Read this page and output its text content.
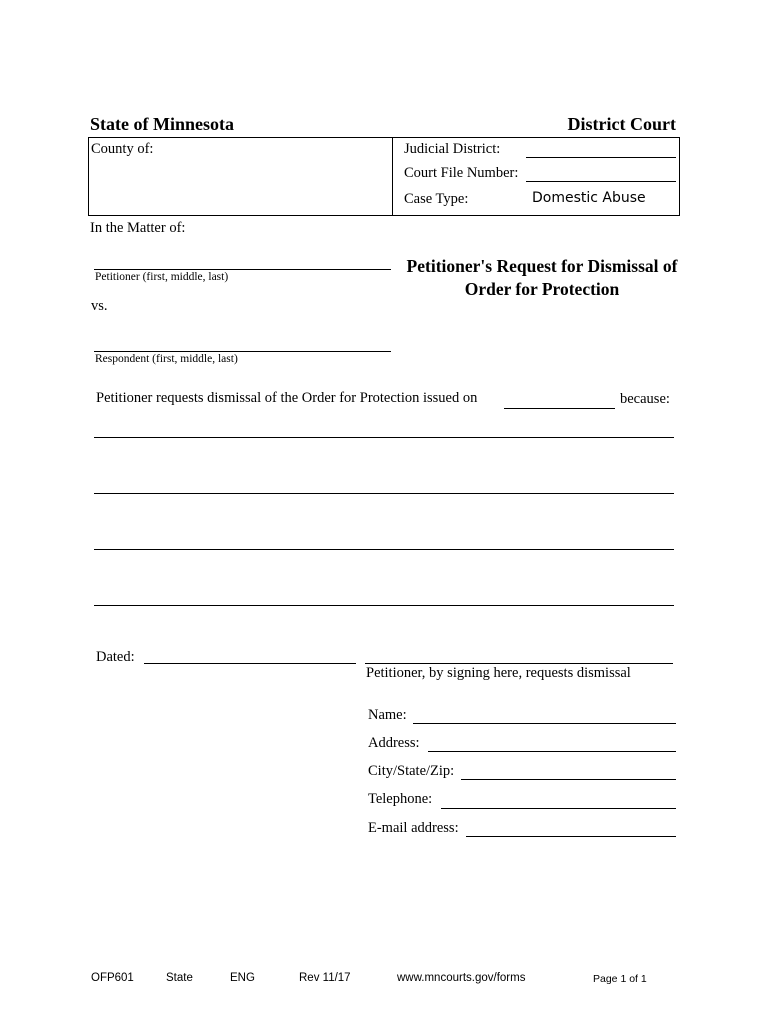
State of Minnesota	District Court
County of:	Judicial District:
Court File Number:
Case Type:	Domestic Abuse
In the Matter of:
Petitioner (first, middle, last)
vs.
Respondent (first, middle, last)
Petitioner's Request for Dismissal of
Order for Protection
Petitioner requests dismissal of the Order for Protection issued on	because:
Dated:
Petitioner, by signing here, requests dismissal
Name:
Address:
City/State/Zip:
Telephone:
E-mail address:
OFP601	State	ENG	Rev 11/17	www.mncourts.gov/forms	Page 1 of 1
